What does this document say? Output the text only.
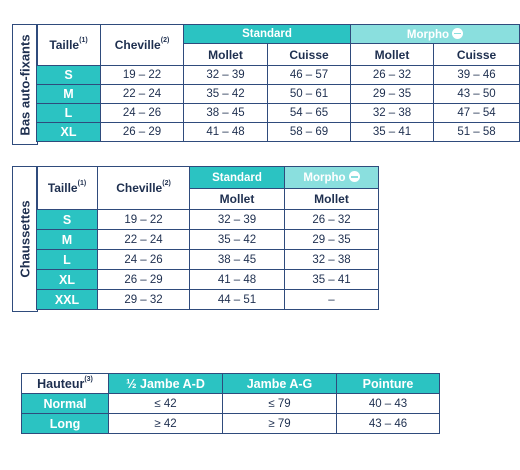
Bas auto-fixants Taille$^{(1)}$	Cheville$^{(2)}$	Standard		Morpho	
		Mollet	Cuisse	Mollet	Cuisse
S	19 – 22	32 – 39	46 – 57	26 – 32	39 – 46
M	22 – 24	35 – 42	50 – 61	29 – 35	43 – 50
L	24 – 26	38 – 45	54 – 65	32 – 38	47 – 54
XL	26 – 29	41 – 48	58 – 69	35 – 41	51 – 58
Chaussettes
Taille$^{(1)}$	Cheville$^{(2)}$	Standard	Morpho
		Mollet	Mollet
S	19 – 22	32 – 39	26 – 32
M	22 – 24	35 – 42	29 – 35
L	24 – 26	38 – 45	32 – 38
XL	26 – 29	41 – 48	35 – 41
XXL	29 – 32	44 – 51	–
Hauteur$^{(3)}$	½ Jambe A-D	Jambe A-G	Pointure
Normal	≤ 42	≤ 79	40 – 43
Long	≥ 42	≥ 79	43 – 46
